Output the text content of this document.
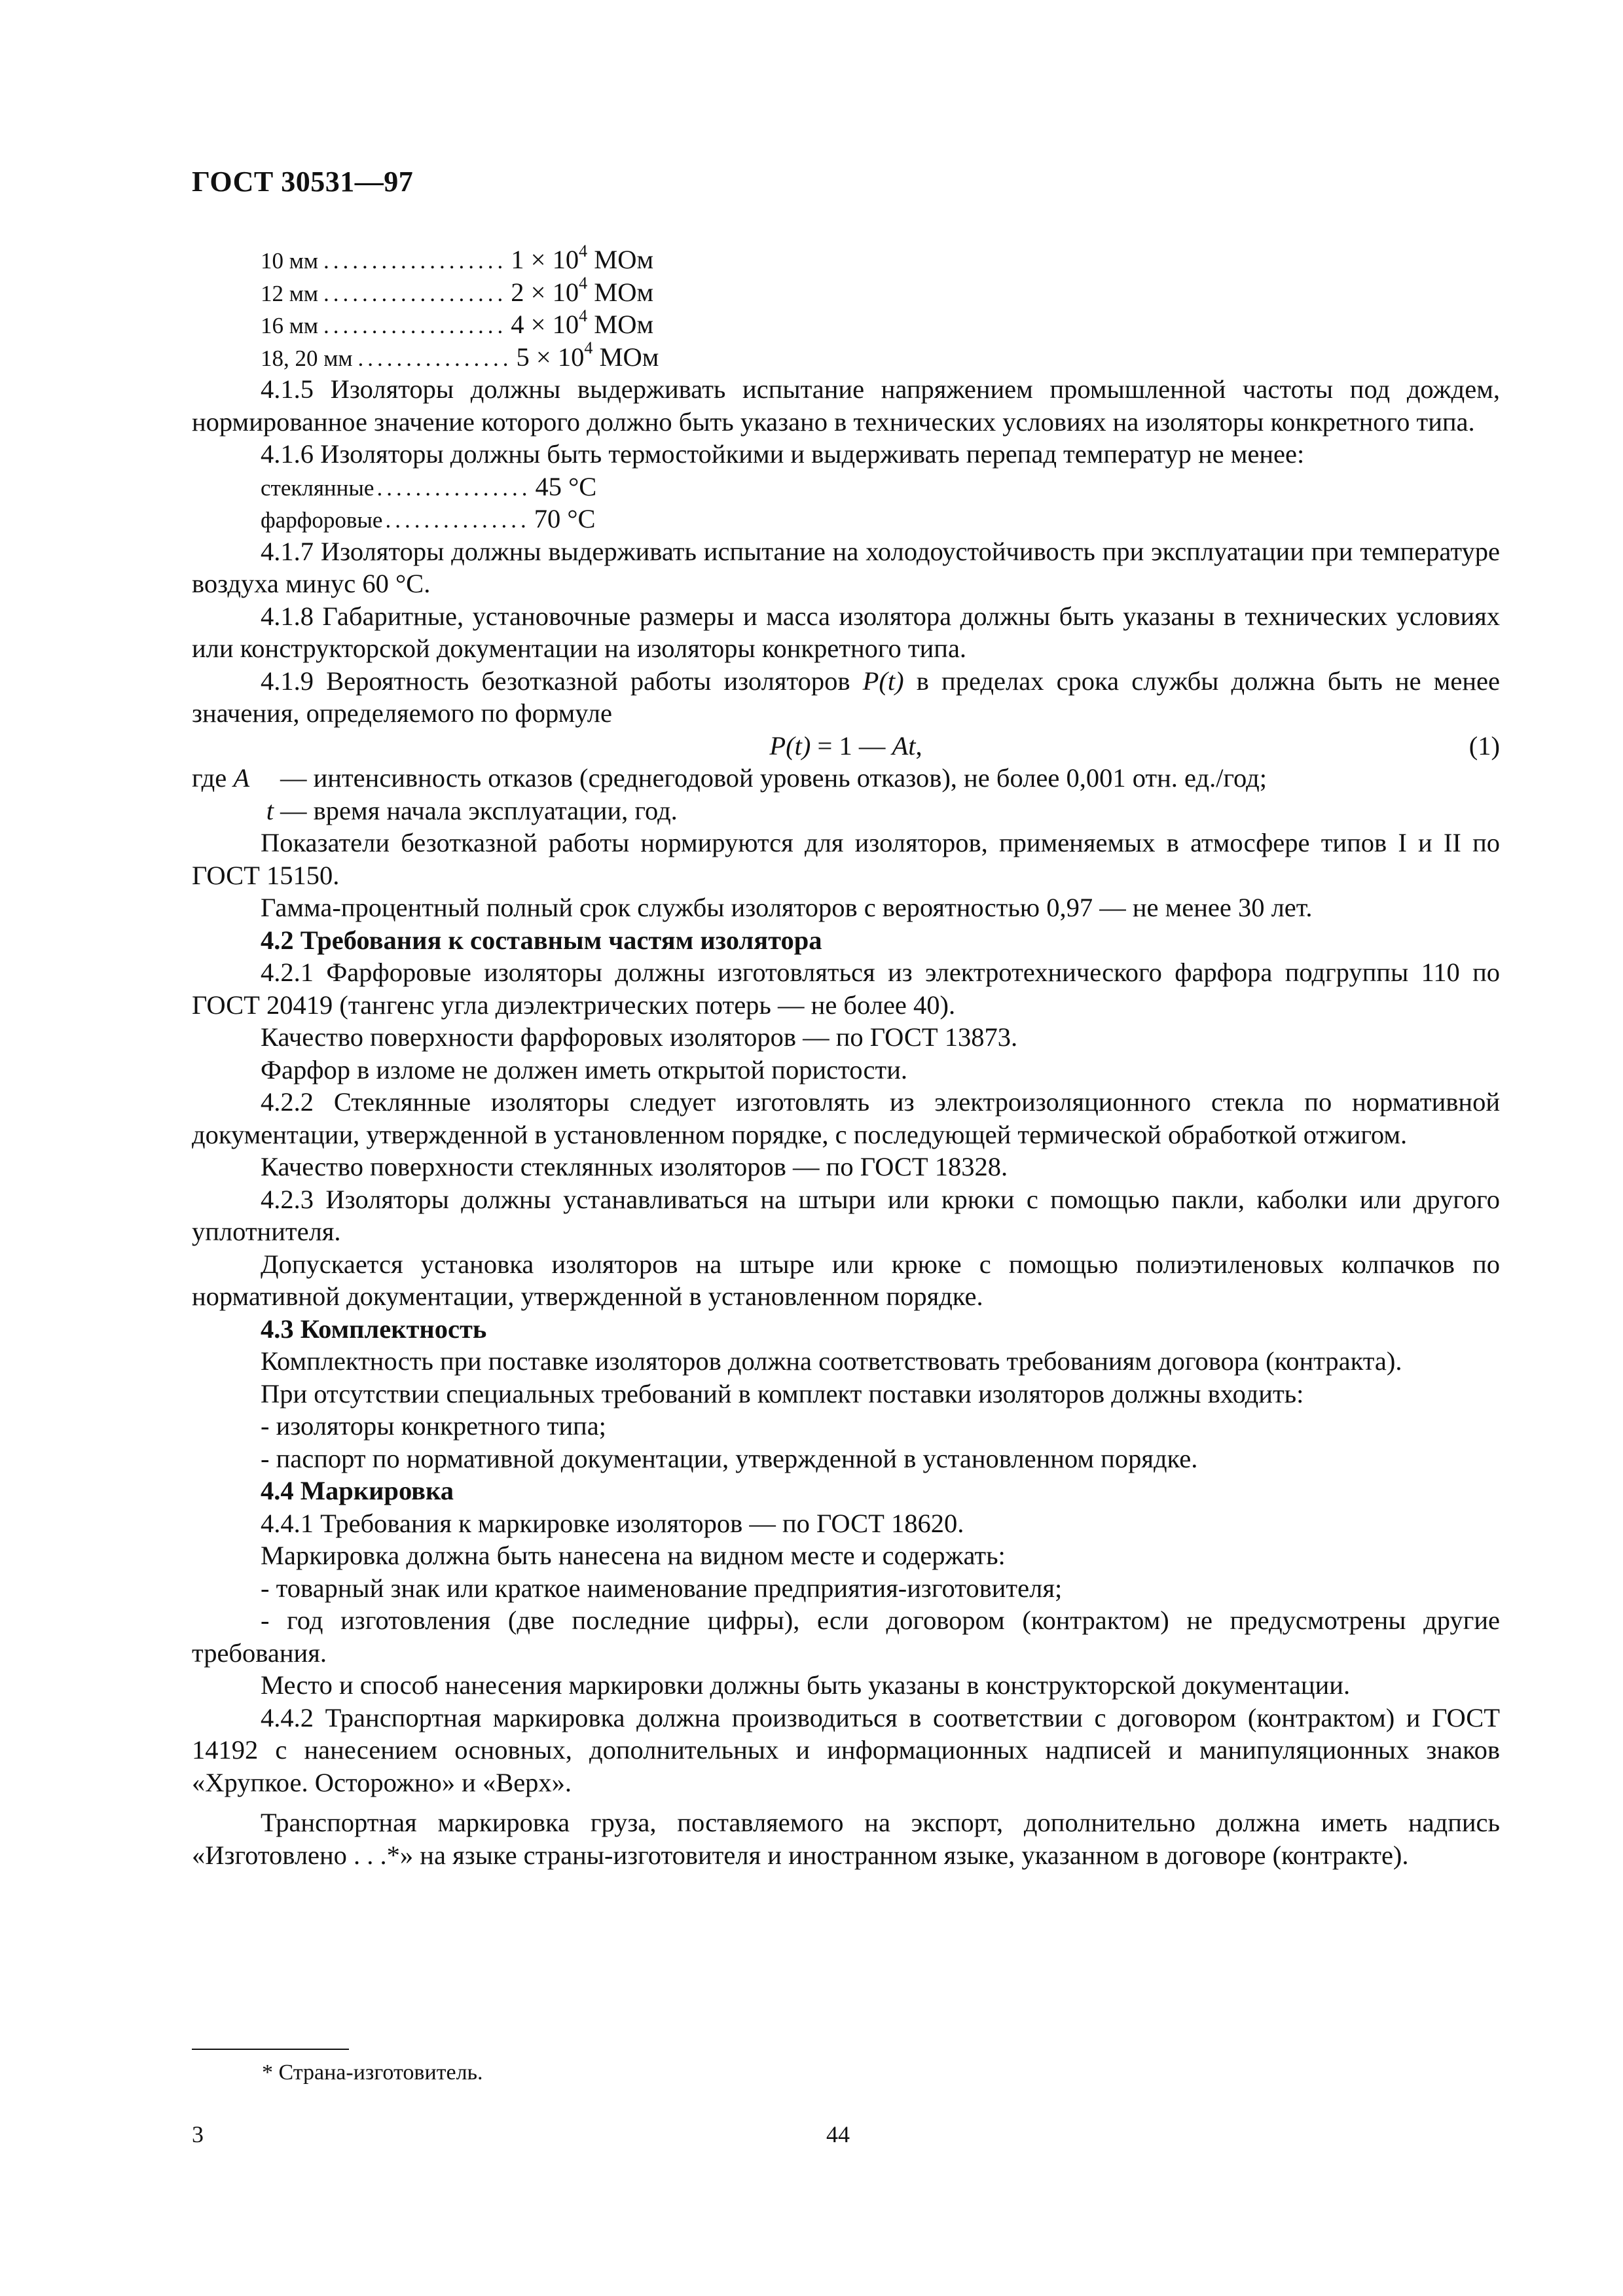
ГОСТ 30531—97
10 мм ................... $1 \times 10^4$ МОм
12 мм ................... $2 \times 10^4$ МОм
16 мм ................... $4 \times 10^4$ МОм
18, 20 мм ................ $5 \times 10^4$ МОм

4.1.5 Изоляторы должны выдерживать испытание напряжением промышленной частоты под дождем, нормированное значение которого должно быть указано в технических условиях на изоляторы конкретного типа.

4.1.6 Изоляторы должны быть термостойкими и выдерживать перепад температур не менее:

стеклянные ................ 45 °С
фарфоровые ............... 70 °С

4.1.7 Изоляторы должны выдерживать испытание на холодоустойчивость при эксплуатации при температуре воздуха минус 60 °С.

4.1.8 Габаритные, установочные размеры и масса изолятора должны быть указаны в технических условиях или конструкторской документации на изоляторы конкретного типа.

4.1.9 Вероятность безотказной работы изоляторов P(t) в пределах срока службы должна быть не менее значения, определяемого по формуле

P(t) = 1 — At,	(1)
где A	— интенсивность отказов (среднегодовой уровень отказов), не более 0,001 отн. ед./год;
t — время начала эксплуатации, год.

Показатели безотказной работы нормируются для изоляторов, применяемых в атмосфере типов I и II по ГОСТ 15150.

Гамма-процентный полный срок службы изоляторов с вероятностью 0,97 — не менее 30 лет.

4.2 Требования к составным частям изолятора

4.2.1 Фарфоровые изоляторы должны изготовляться из электротехнического фарфора подгруппы 110 по ГОСТ 20419 (тангенс угла диэлектрических потерь — не более 40).

Качество поверхности фарфоровых изоляторов — по ГОСТ 13873.

Фарфор в изломе не должен иметь открытой пористости.

4.2.2 Стеклянные изоляторы следует изготовлять из электроизоляционного стекла по нормативной документации, утвержденной в установленном порядке, с последующей термической обработкой отжигом.

Качество поверхности стеклянных изоляторов — по ГОСТ 18328.

4.2.3 Изоляторы должны устанавливаться на штыри или крюки с помощью пакли, каболки или другого уплотнителя.

Допускается установка изоляторов на штыре или крюке с помощью полиэтиленовых колпачков по нормативной документации, утвержденной в установленном порядке.

4.3 Комплектность

Комплектность при поставке изоляторов должна соответствовать требованиям договора (контракта).

При отсутствии специальных требований в комплект поставки изоляторов должны входить:

- изоляторы конкретного типа;

- паспорт по нормативной документации, утвержденной в установленном порядке.

4.4 Маркировка

4.4.1 Требования к маркировке изоляторов — по ГОСТ 18620.

Маркировка должна быть нанесена на видном месте и содержать:

- товарный знак или краткое наименование предприятия-изготовителя;

- год изготовления (две последние цифры), если договором (контрактом) не предусмотрены другие требования.

Место и способ нанесения маркировки должны быть указаны в конструкторской документации.

4.4.2 Транспортная маркировка должна производиться в соответствии с договором (контрактом) и ГОСТ 14192 с нанесением основных, дополнительных и информационных надписей и манипуляционных знаков «Хрупкое. Осторожно» и «Верх».

Транспортная маркировка груза, поставляемого на экспорт, дополнительно должна иметь надпись «Изготовлено . . .*» на языке страны-изготовителя и иностранном языке, указанном в договоре (контракте).

* Страна-изготовитель.
3	44
